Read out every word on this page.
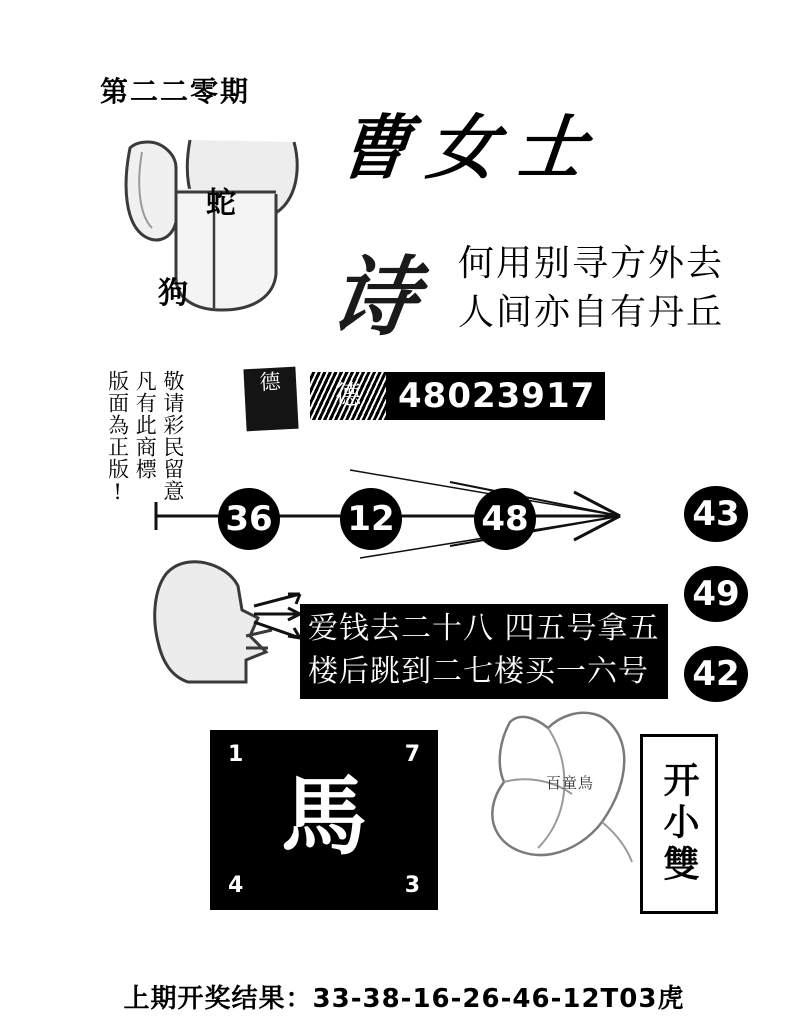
第二二零期
曹女士
蛇
狗 诗 何用别寻方外去
人间亦自有丹丘
敬请彩民留意
凡有此商標
版面為正版!	德	德	48023917
36 12	48	43
49
42
爱钱去二十八 四五号拿五
楼后跳到二七楼买一六号
1	7
馬
4	3
百童鳥 开小雙
上期开奖结果：33-38-16-26-46-12T03虎
